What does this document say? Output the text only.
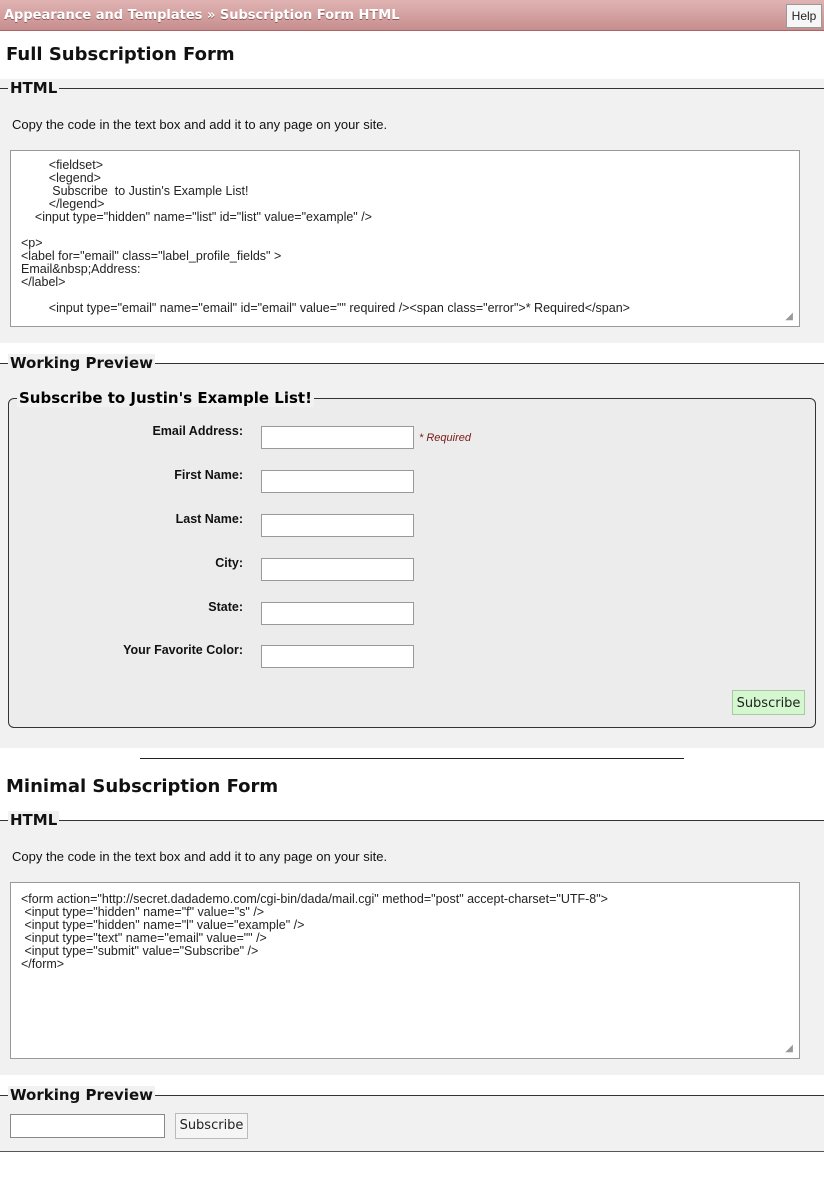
Appearance and Templates » Subscription Form HTML	Help
Full Subscription Form
HTML
Copy the code in the text box and add it to any page on your site.
<fieldset>
<legend>
Subscribe  to Justin's Example List!
</legend>
<input type="hidden" name="list" id="list" value="example" />

<p>
<label for="email" class="label_profile_fields" >
Email&nbsp;Address:
</label>

<input type="email" name="email" id="email" value="" required /><span class="error">* Required</span>
◢
Working Preview
Subscribe to Justin's Example List!
Email Address:	* Required
First Name:
Last Name:
City:
State:
Your Favorite Color:
Subscribe
Minimal Subscription Form
HTML
Copy the code in the text box and add it to any page on your site.
<form action="http://secret.dadademo.com/cgi-bin/dada/mail.cgi" method="post" accept-charset="UTF-8">
<input type="hidden" name="f" value="s" />
<input type="hidden" name="l" value="example" />
<input type="text" name="email" value="" />
<input type="submit" value="Subscribe" />
</form>
◢
Working Preview
Subscribe
